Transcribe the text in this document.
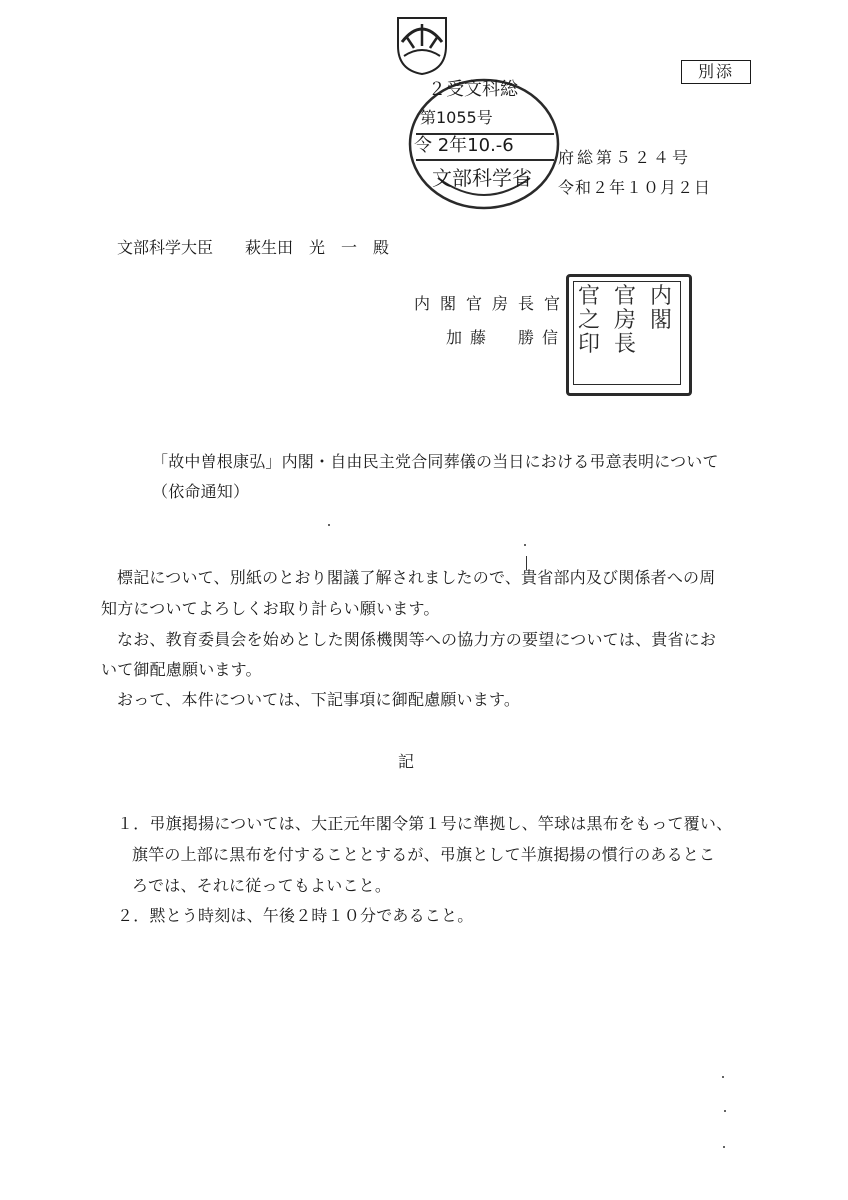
別添
２受文科総
第1055号
令 2年10.-6
文部科学省
府総第５２４号
令和２年１０月２日
文部科学大臣　　萩生田　光　一　殿
内閣官房長官
加藤　勝信
内
閣
官
房
長
官
之
印
「故中曽根康弘」内閣・自由民主党合同葬儀の当日における弔意表明について
（依命通知）
標記について、別紙のとおり閣議了解されましたので、貴省部内及び関係者への周
知方についてよろしくお取り計らい願います。
なお、教育委員会を始めとした関係機関等への協力方の要望については、貴省にお
いて御配慮願います。
おって、本件については、下記事項に御配慮願います。
記
１．弔旗掲揚については、大正元年閣令第１号に準拠し、竿球は黒布をもって覆い、
旗竿の上部に黒布を付することとするが、弔旗として半旗掲揚の慣行のあるとこ
ろでは、それに従ってもよいこと。
２．黙とう時刻は、午後２時１０分であること。
